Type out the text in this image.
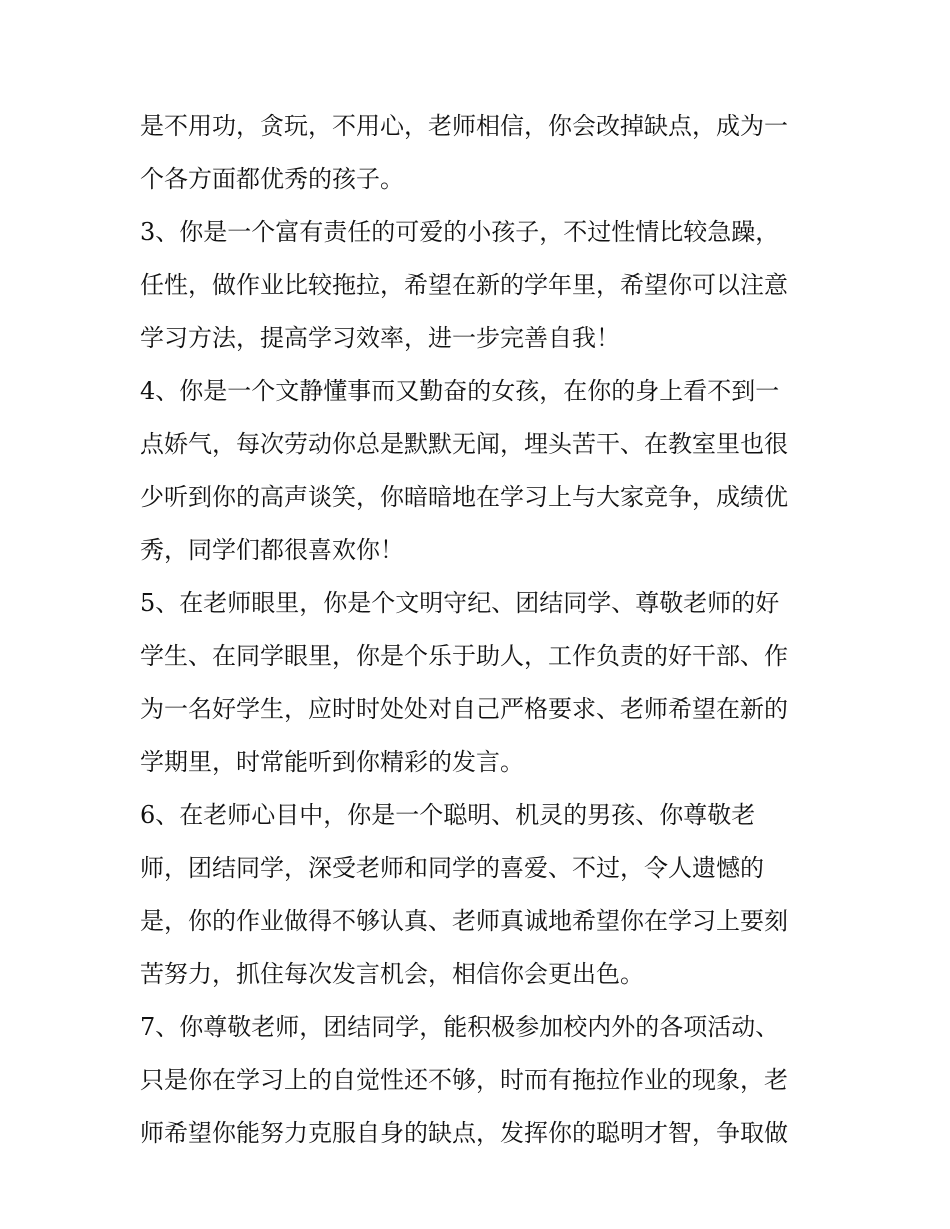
是不用功，贪玩，不用心，老师相信，你会改掉缺点，成为一
个各方面都优秀的孩子。
3、你是一个富有责任的可爱的小孩子，不过性情比较急躁，
任性，做作业比较拖拉，希望在新的学年里，希望你可以注意
学习方法，提高学习效率，进一步完善自我！
4、你是一个文静懂事而又勤奋的女孩，在你的身上看不到一
点娇气，每次劳动你总是默默无闻，埋头苦干、在教室里也很
少听到你的高声谈笑，你暗暗地在学习上与大家竞争，成绩优
秀，同学们都很喜欢你！
5、在老师眼里，你是个文明守纪、团结同学、尊敬老师的好
学生、在同学眼里，你是个乐于助人，工作负责的好干部、作
为一名好学生，应时时处处对自己严格要求、老师希望在新的
学期里，时常能听到你精彩的发言。
6、在老师心目中，你是一个聪明、机灵的男孩、你尊敬老
师，团结同学，深受老师和同学的喜爱、不过，令人遗憾的
是，你的作业做得不够认真、老师真诚地希望你在学习上要刻
苦努力，抓住每次发言机会，相信你会更出色。
7、你尊敬老师，团结同学，能积极参加校内外的各项活动、
只是你在学习上的自觉性还不够，时而有拖拉作业的现象，老
师希望你能努力克服自身的缺点，发挥你的聪明才智，争取做
